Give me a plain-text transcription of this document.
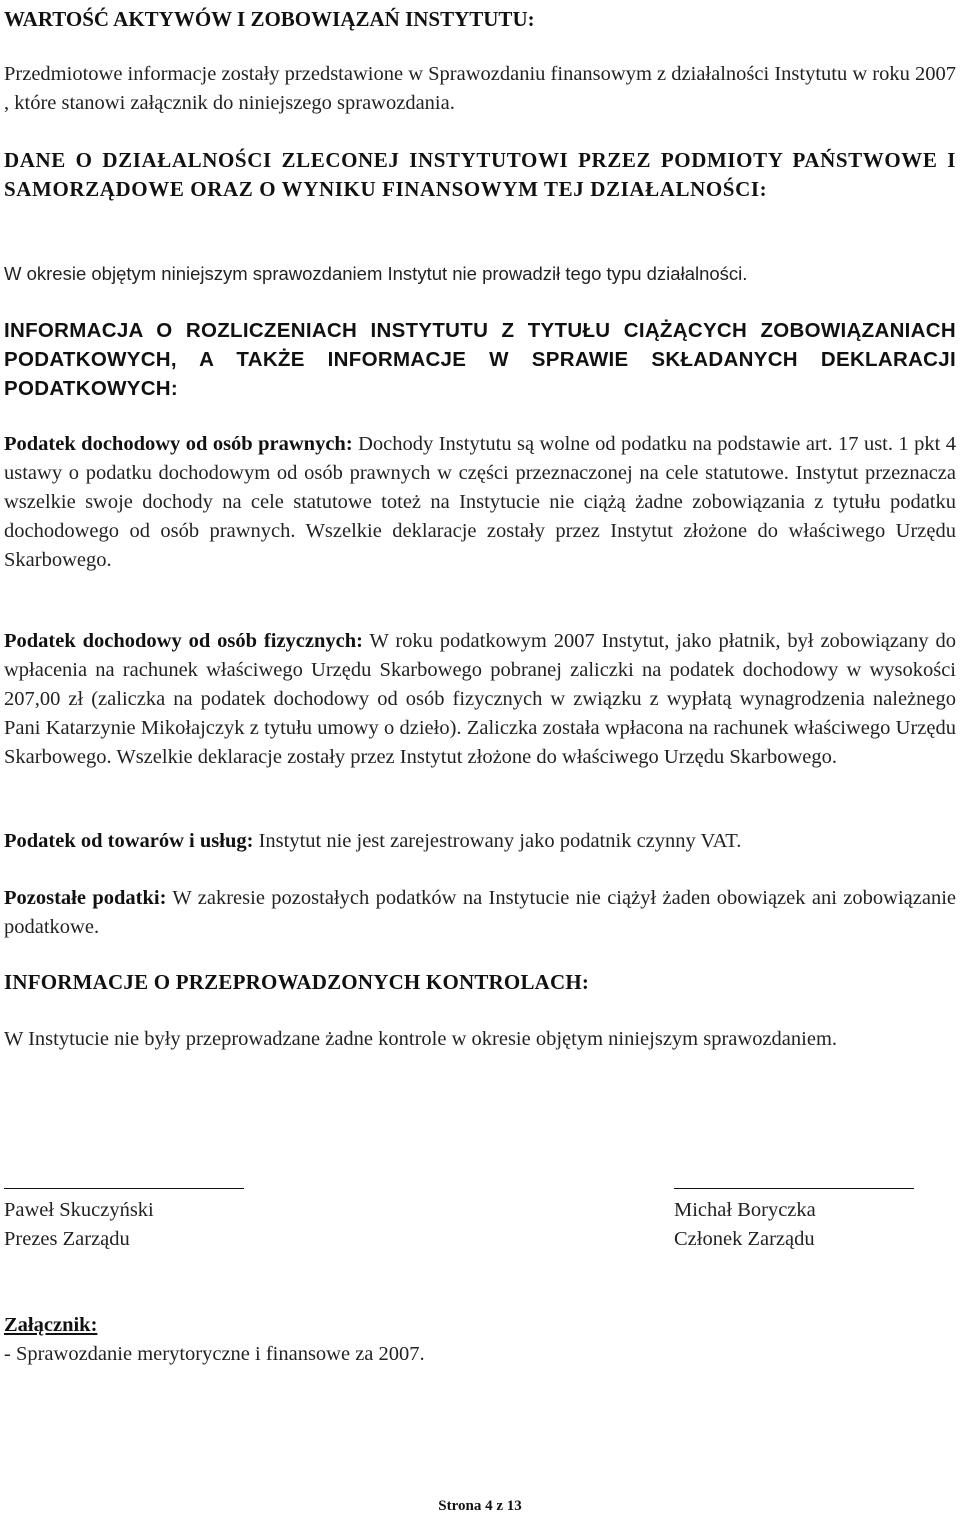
WARTOŚĆ AKTYWÓW I ZOBOWIĄZAŃ INSTYTUTU:

Przedmiotowe informacje zostały przedstawione w Sprawozdaniu finansowym z działalności Instytutu w roku 2007 , które stanowi załącznik do niniejszego sprawozdania.

DANE O DZIAŁALNOŚCI ZLECONEJ INSTYTUTOWI PRZEZ PODMIOTY PAŃSTWOWE I SAMORZĄDOWE ORAZ O WYNIKU FINANSOWYM TEJ DZIAŁALNOŚCI:

W okresie objętym niniejszym sprawozdaniem Instytut nie prowadził tego typu działalności.

INFORMACJA O ROZLICZENIACH INSTYTUTU Z TYTUŁU CIĄŻĄCYCH ZOBOWIĄZANIACH PODATKOWYCH, A TAKŻE INFORMACJE W SPRAWIE SKŁADANYCH DEKLARACJI PODATKOWYCH:

Podatek dochodowy od osób prawnych: Dochody Instytutu są wolne od podatku na podstawie art. 17 ust. 1 pkt 4 ustawy o podatku dochodowym od osób prawnych w części przeznaczonej na cele statutowe. Instytut przeznacza wszelkie swoje dochody na cele statutowe toteż na Instytucie nie ciążą żadne zobowiązania z tytułu podatku dochodowego od osób prawnych. Wszelkie deklaracje zostały przez Instytut złożone do właściwego Urzędu Skarbowego.

Podatek dochodowy od osób fizycznych: W roku podatkowym 2007 Instytut, jako płatnik, był zobowiązany do wpłacenia na rachunek właściwego Urzędu Skarbowego pobranej zaliczki na podatek dochodowy w wysokości 207,00 zł (zaliczka na podatek dochodowy od osób fizycznych w związku z wypłatą wynagrodzenia należnego Pani Katarzynie Mikołajczyk z tytułu umowy o dzieło). Zaliczka została wpłacona na rachunek właściwego Urzędu Skarbowego. Wszelkie deklaracje zostały przez Instytut złożone do właściwego Urzędu Skarbowego.

Podatek od towarów i usług: Instytut nie jest zarejestrowany jako podatnik czynny VAT.

Pozostałe podatki: W zakresie pozostałych podatków na Instytucie nie ciążył żaden obowiązek ani zobowiązanie podatkowe.

INFORMACJE O PRZEPROWADZONYCH KONTROLACH:

W Instytucie nie były przeprowadzane żadne kontrole w okresie objętym niniejszym sprawozdaniem.

Paweł Skuczyński
Prezes Zarządu
Michał Boryczka
Członek Zarządu

Załącznik:

- Sprawozdanie merytoryczne i finansowe za 2007.

Strona 4 z 13
